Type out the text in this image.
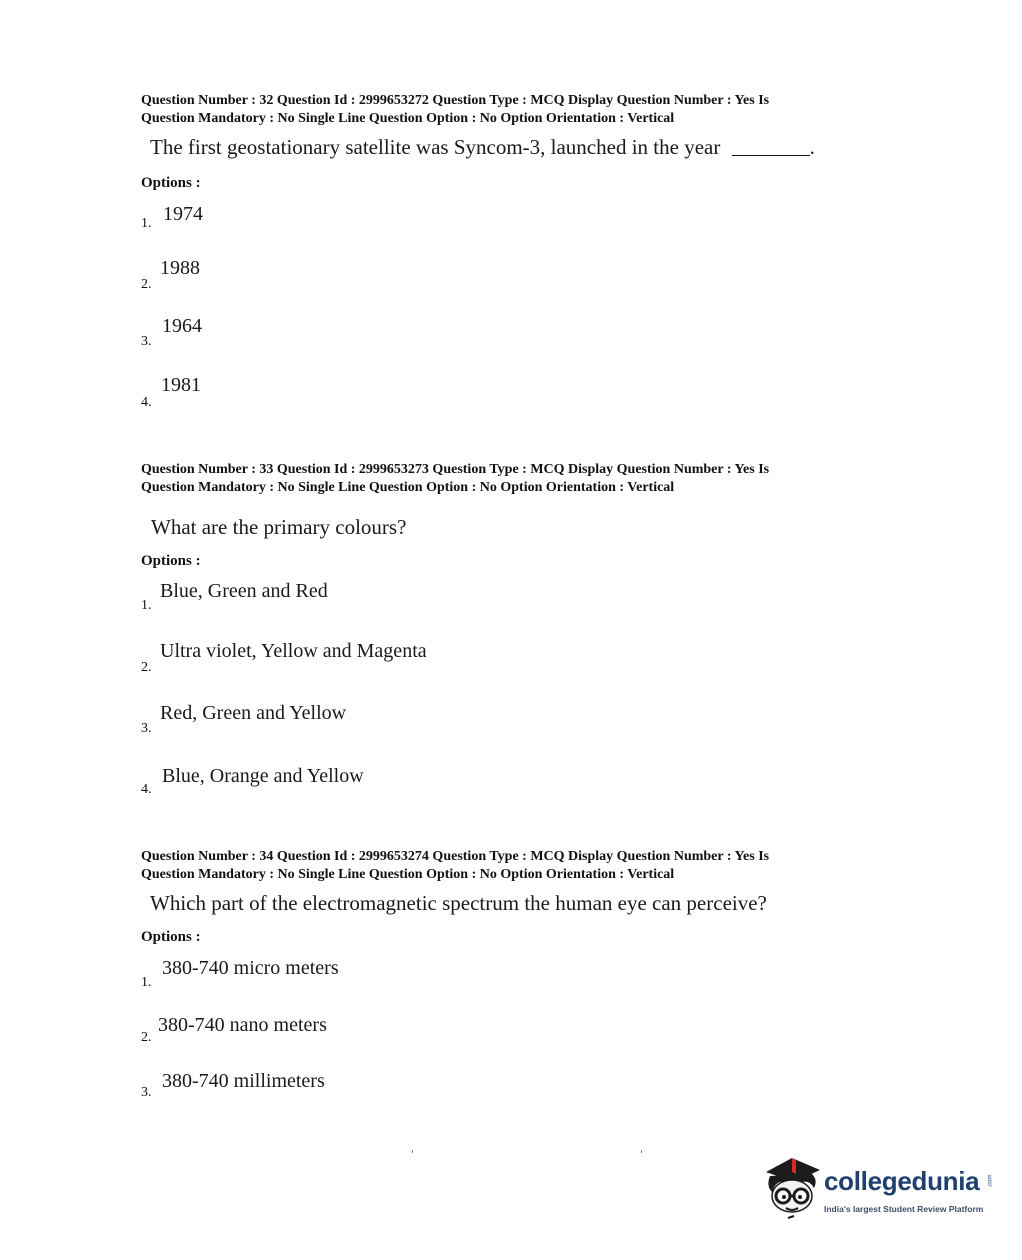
Question Number : 32 Question Id : 2999653272 Question Type : MCQ Display Question Number : Yes Is
Question Mandatory : No Single Line Question Option : No Option Orientation : Vertical
The first geostationary satellite was Syncom-3, launched in the year	.
Options :
1. 1974
2.
1988
3.
1964
4.
1981
Question Number : 33 Question Id : 2999653273 Question Type : MCQ Display Question Number : Yes Is
Question Mandatory : No Single Line Question Option : No Option Orientation : Vertical
What are the primary colours?
Options :
1.
Blue, Green and Red
2.
Ultra violet, Yellow and Magenta
3.
Red, Green and Yellow
4.
Blue, Orange and Yellow
Question Number : 34 Question Id : 2999653274 Question Type : MCQ Display Question Number : Yes Is
Question Mandatory : No Single Line Question Option : No Option Orientation : Vertical
Which part of the electromagnetic spectrum the human eye can perceive?
Options :
1.
380-740 micro meters
2.
380-740 nano meters
3.
380-740 millimeters
collegedunia .com
India's largest Student Review Platform
